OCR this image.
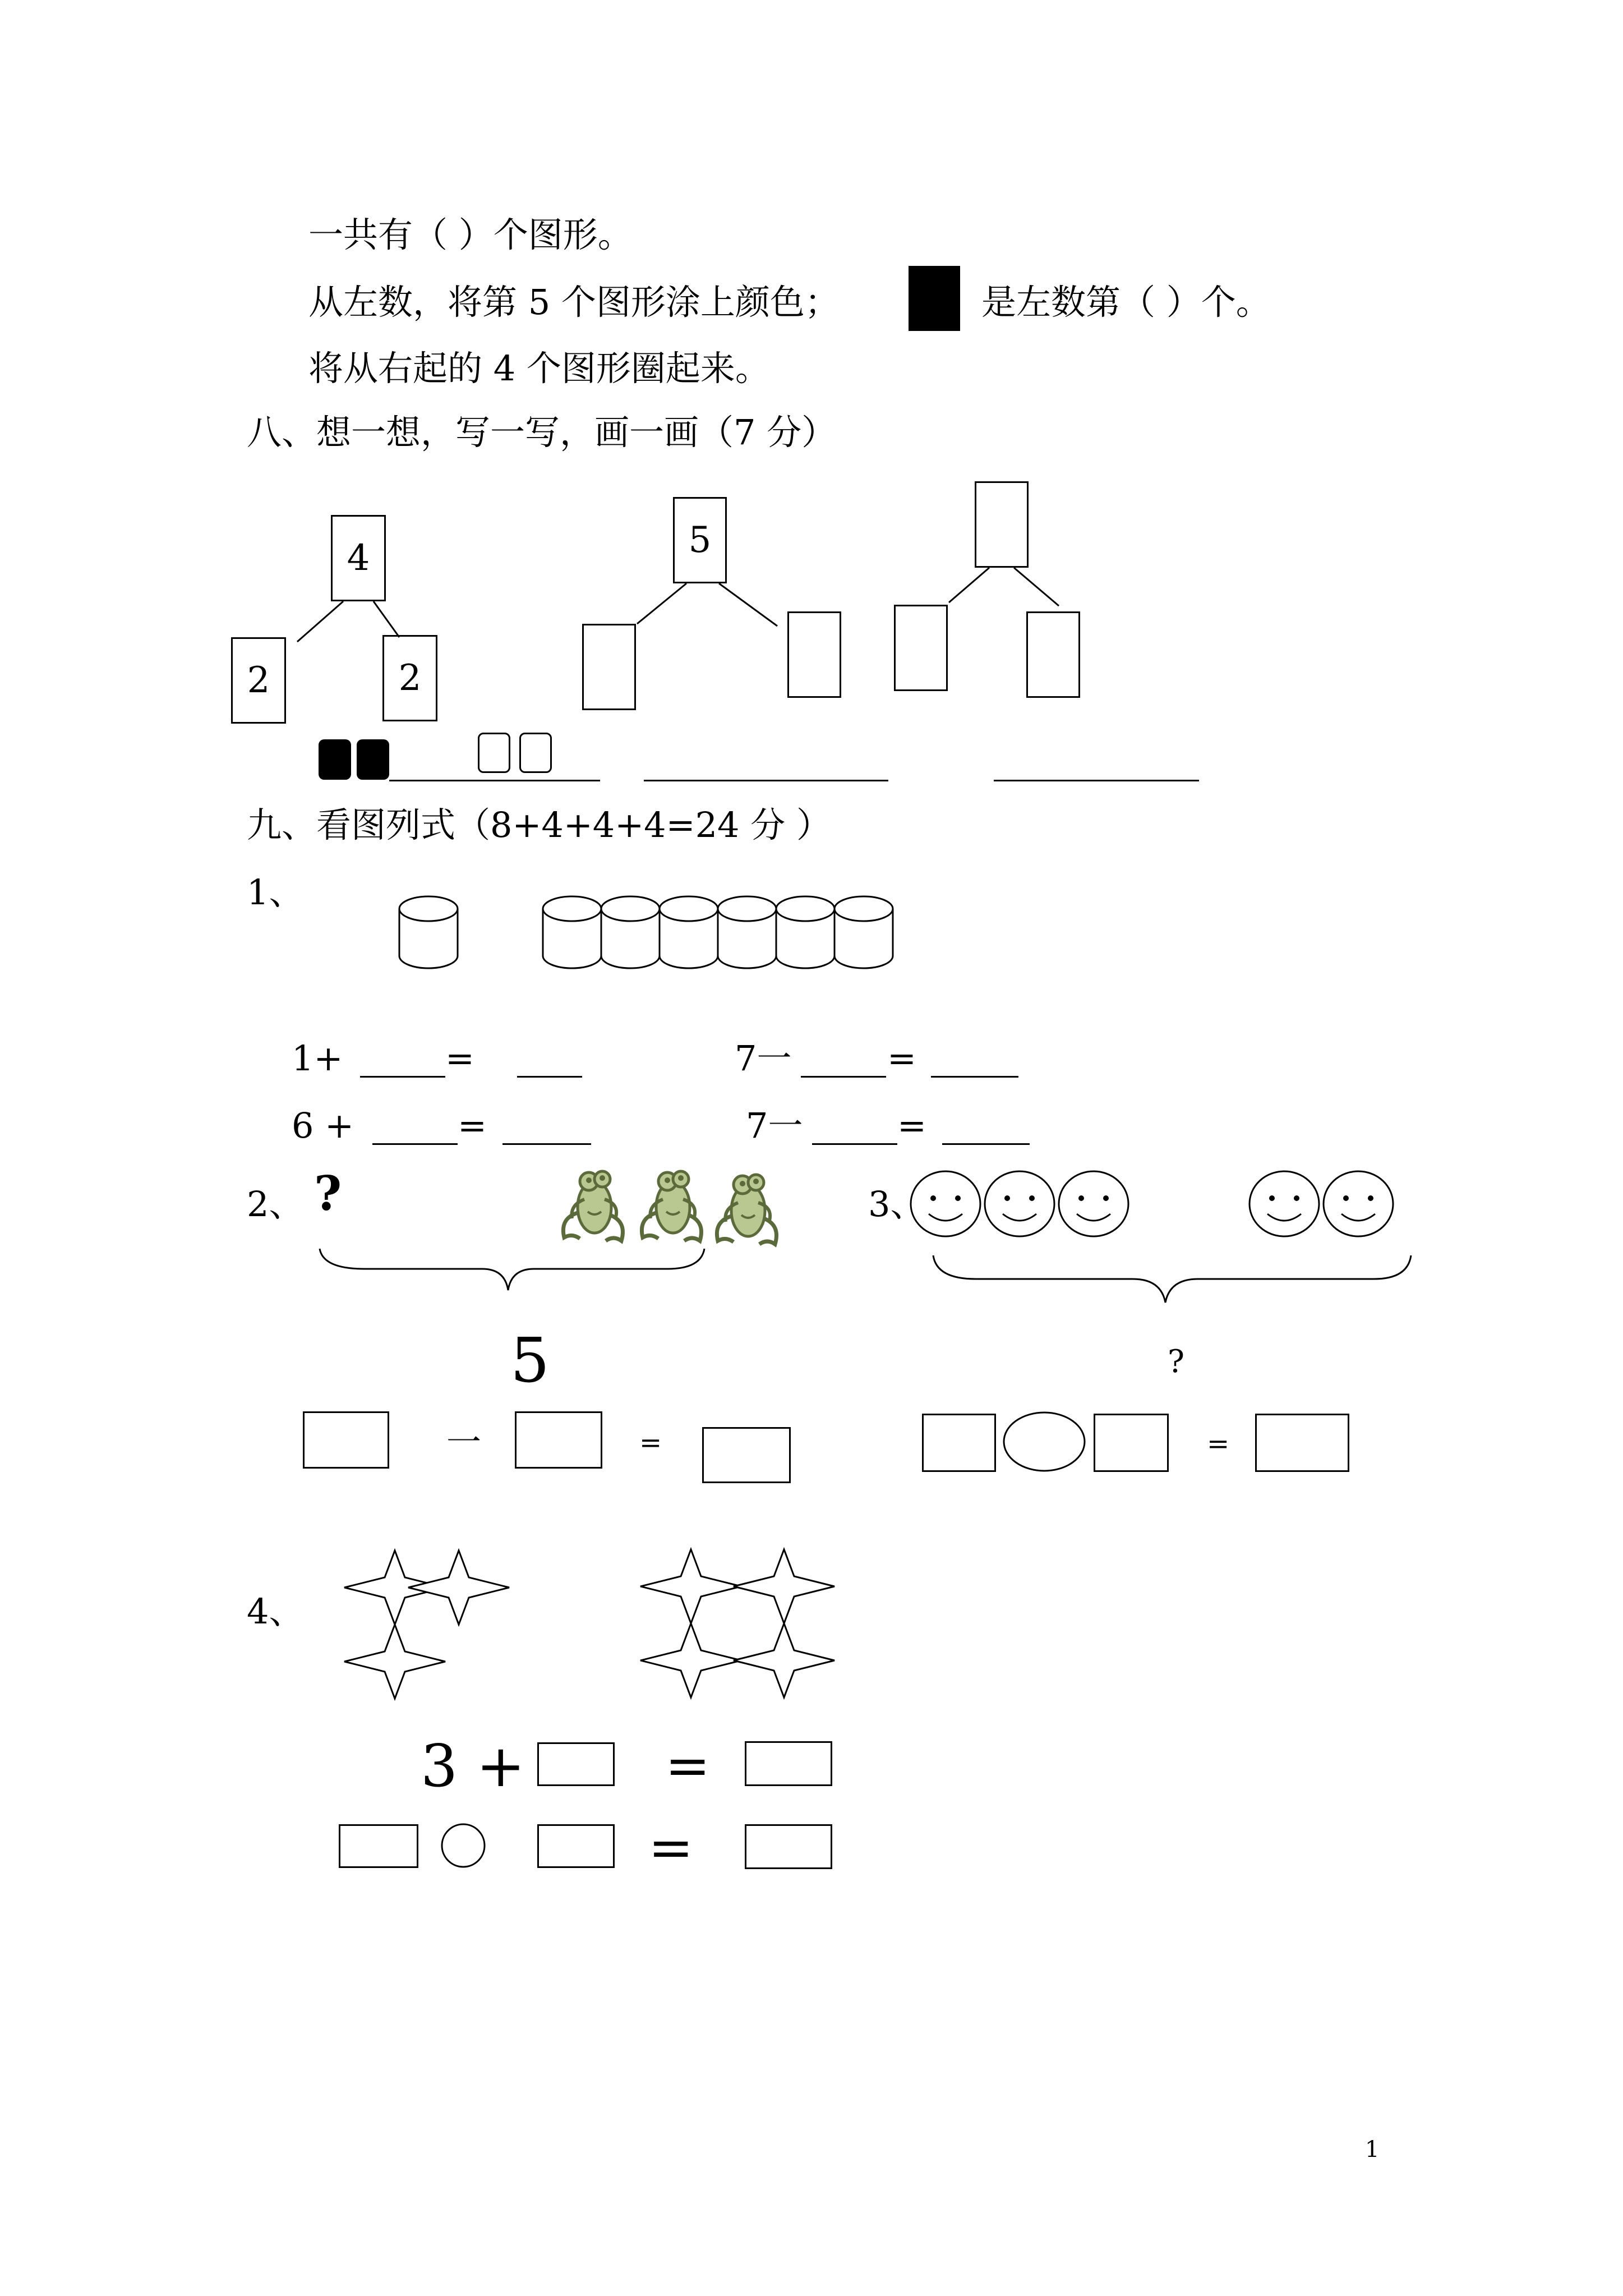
一共有（ ）个图形。
从左数，将第 5 个图形涂上颜色；	是左数第（ ）个。
将从右起的 4 个图形圈起来。
八、想一想，写一写，画一画（7 分）
4
2	2
5
九、看图列式（8+4+4+4=24 分 ）
1、
1+	=	7一	=
6 +	=	7一	=
2、 ?
5
一	=
3、
?
=
4、
3 +	=
=
1
